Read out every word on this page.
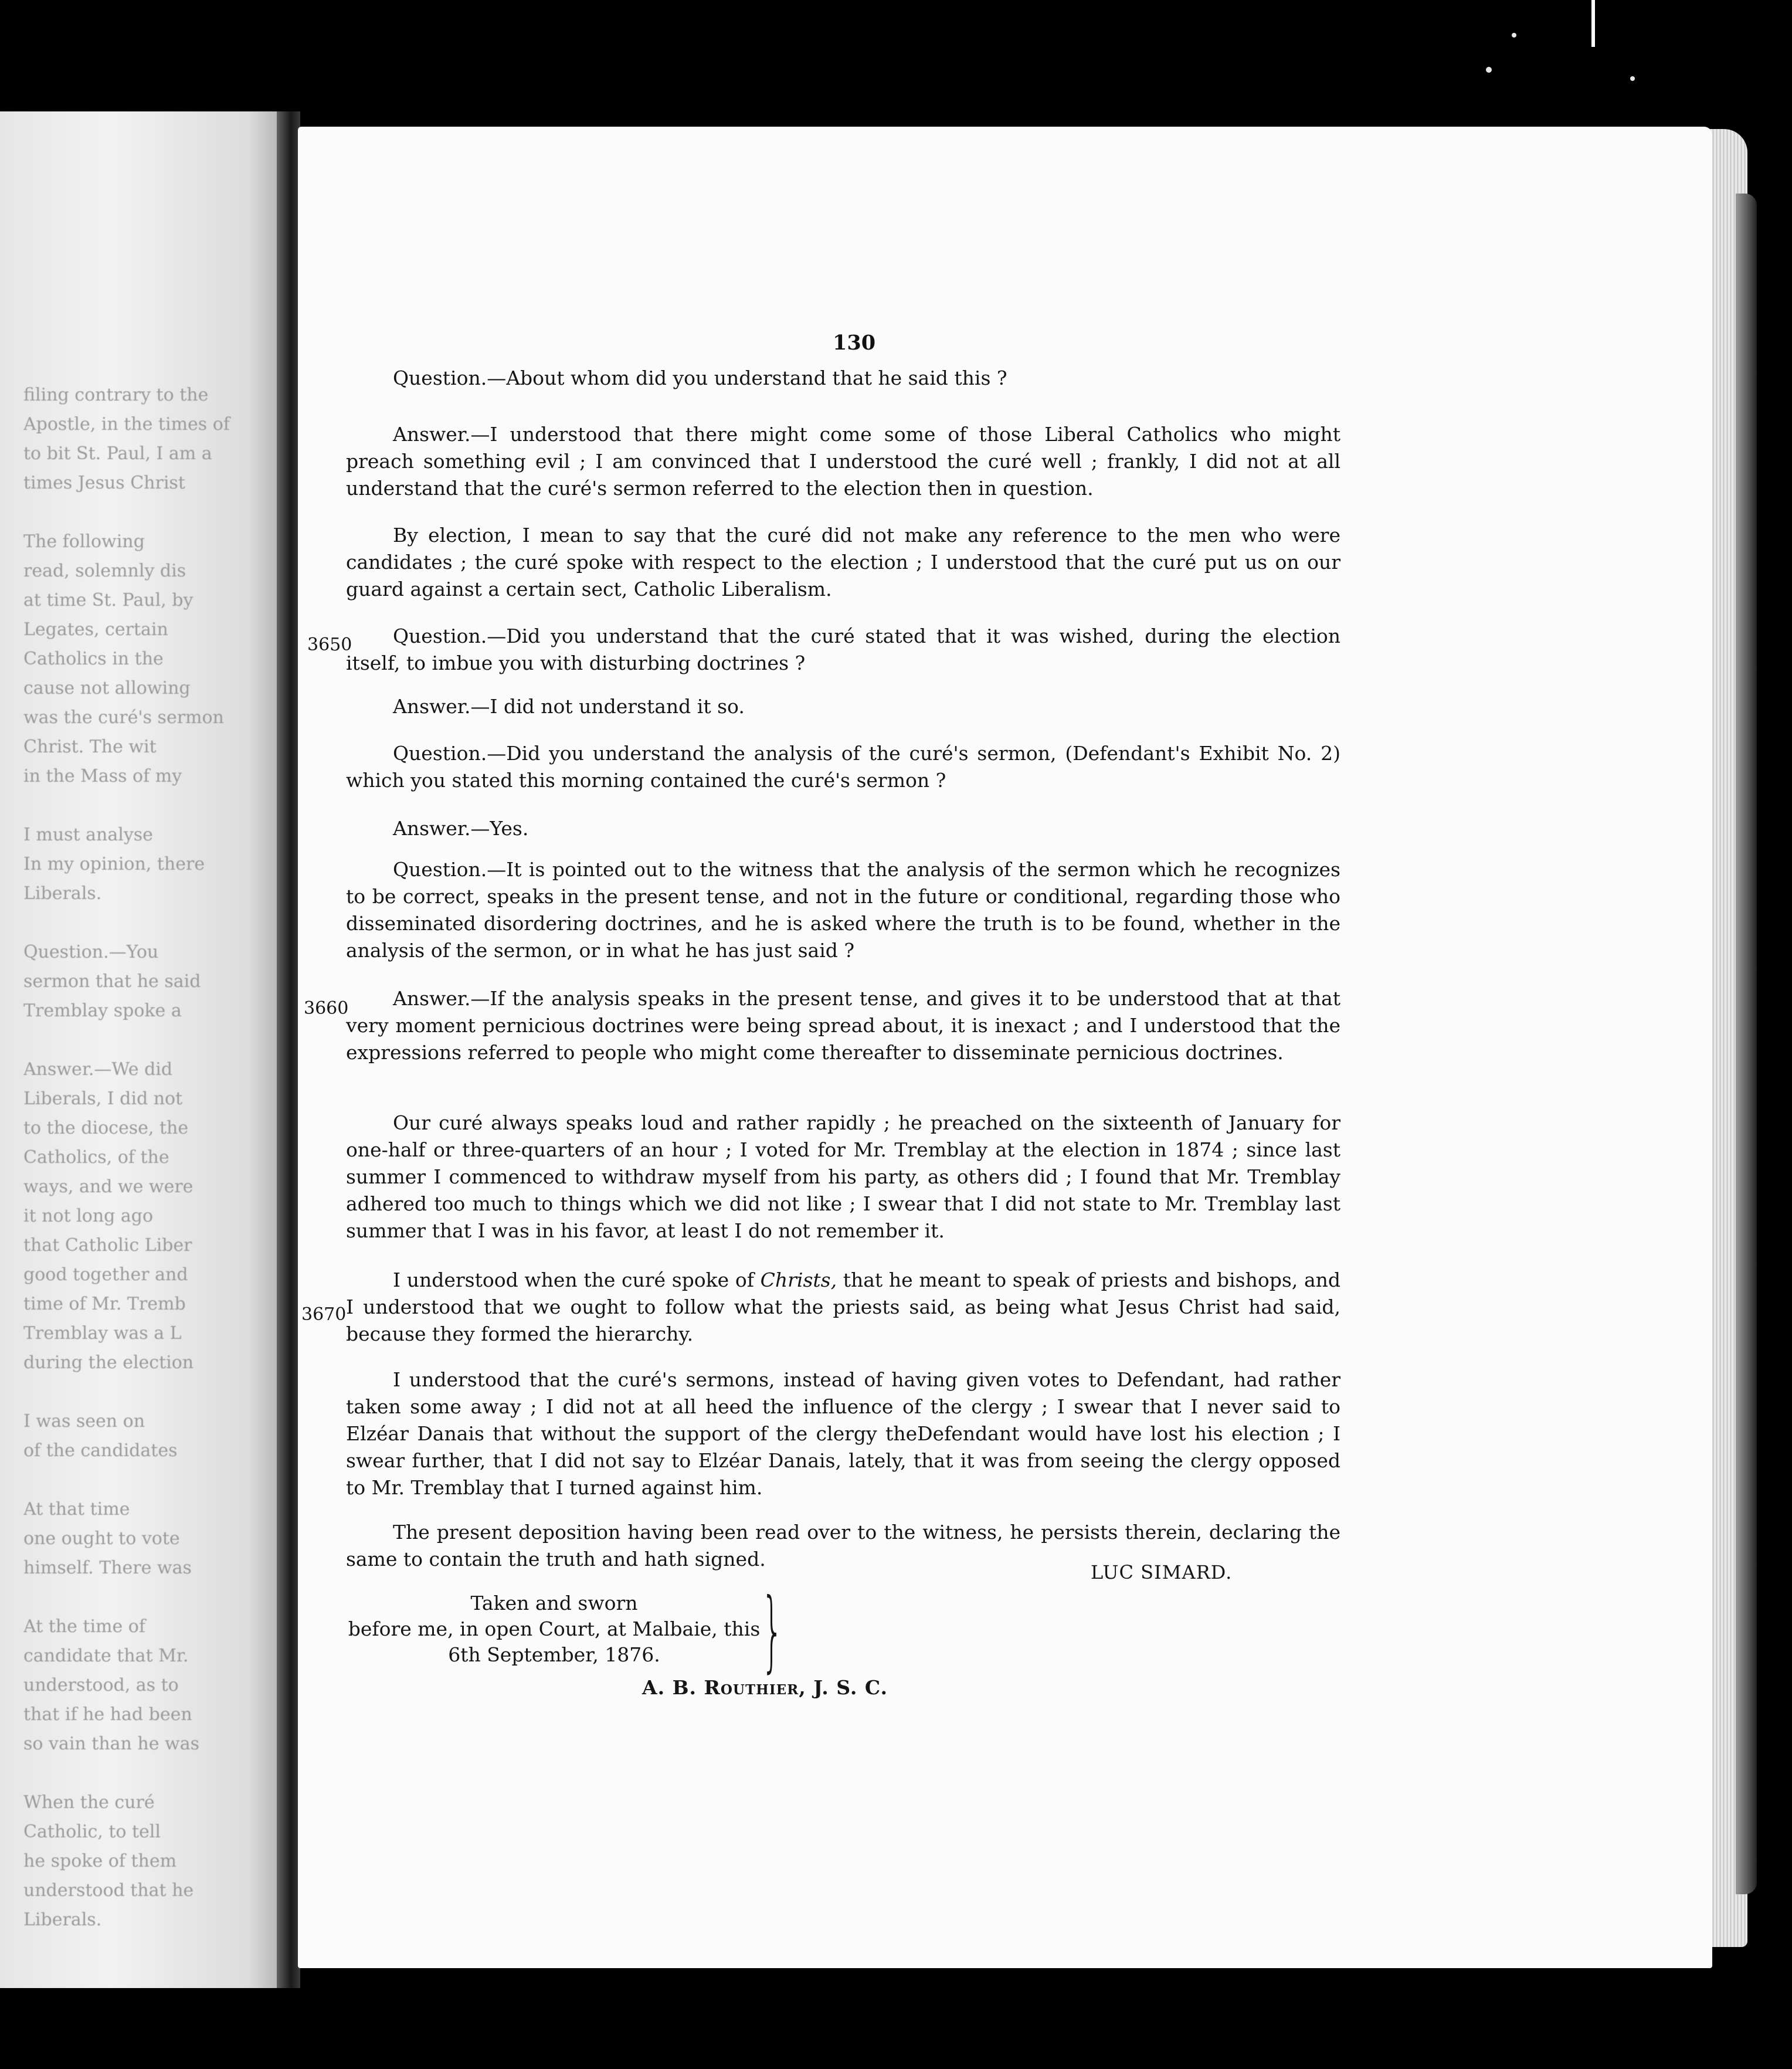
filing contrary to the
Apostle, in the times of
to bit St. Paul, I am a
times Jesus Christ
The following
read, solemnly dis
at time St. Paul, by
Legates, certain
Catholics in the
cause not allowing
was the curé's sermon
Christ. The wit
in the Mass of my
I must analyse
In my opinion, there
Liberals.
Question.—You
sermon that he said
Tremblay spoke a
Answer.—We did
Liberals, I did not
to the diocese, the
Catholics, of the
ways, and we were
it not long ago
that Catholic Liber
good together and
time of Mr. Tremb
Tremblay was a L
during the election
I was seen on
of the candidates
At that time
one ought to vote
himself. There was
At the time of
candidate that Mr.
understood, as to
that if he had been
so vain than he was
When the curé
Catholic, to tell
he spoke of them
understood that he
Liberals.
130

Question.—About whom did you understand that he said this ?

Answer.—I understood that there might come some of those Liberal Catholics who might preach something evil ; I am convinced that I understood the curé well ; frankly, I did not at all understand that the curé's sermon referred to the election then in question.

By election, I mean to say that the curé did not make any reference to the men who were candidates ; the curé spoke with respect to the election ; I understood that the curé put us on our guard against a certain sect, Catholic Liberalism.

Question.—Did you understand that the curé stated that it was wished, during the election itself, to imbue you with disturbing doctrines ?

Answer.—I did not understand it so.

Question.—Did you understand the analysis of the curé's sermon, (Defendant's Exhibit No. 2) which you stated this morning contained the curé's sermon ?

Answer.—Yes.

Question.—It is pointed out to the witness that the analysis of the sermon which he recognizes to be correct, speaks in the present tense, and not in the future or conditional, regarding those who disseminated disordering doctrines, and he is asked where the truth is to be found, whether in the analysis of the sermon, or in what he has just said ?

Answer.—If the analysis speaks in the present tense, and gives it to be understood that at that very moment pernicious doctrines were being spread about, it is inexact ; and I understood that the expressions referred to people who might come thereafter to disseminate pernicious doctrines.

Our curé always speaks loud and rather rapidly ; he preached on the sixteenth of January for one-half or three-quarters of an hour ; I voted for Mr. Tremblay at the election in 1874 ; since last summer I commenced to withdraw myself from his party, as others did ; I found that Mr. Tremblay adhered too much to things which we did not like ; I swear that I did not state to Mr. Tremblay last summer that I was in his favor, at least I do not remember it.

I understood when the curé spoke of Christs, that he meant to speak of priests and bishops, and I understood that we ought to follow what the priests said, as being what Jesus Christ had said, because they formed the hierarchy.

I understood that the curé's sermons, instead of having given votes to Defendant, had rather taken some away ; I did not at all heed the influence of the clergy ; I swear that I never said to Elzéar Danais that without the support of the clergy theDefendant would have lost his election ; I swear further, that I did not say to Elzéar Danais, lately, that it was from seeing the clergy opposed to Mr. Tremblay that I turned against him.

The present deposition having been read over to the witness, he persists therein, declaring the same to contain the truth and hath signed.

3650
3660
3670
LUC SIMARD.
Taken and sworn
before me, in open Court, at Malbaie, this
6th September, 1876.	}
A. B. Routhier, J. S. C.
